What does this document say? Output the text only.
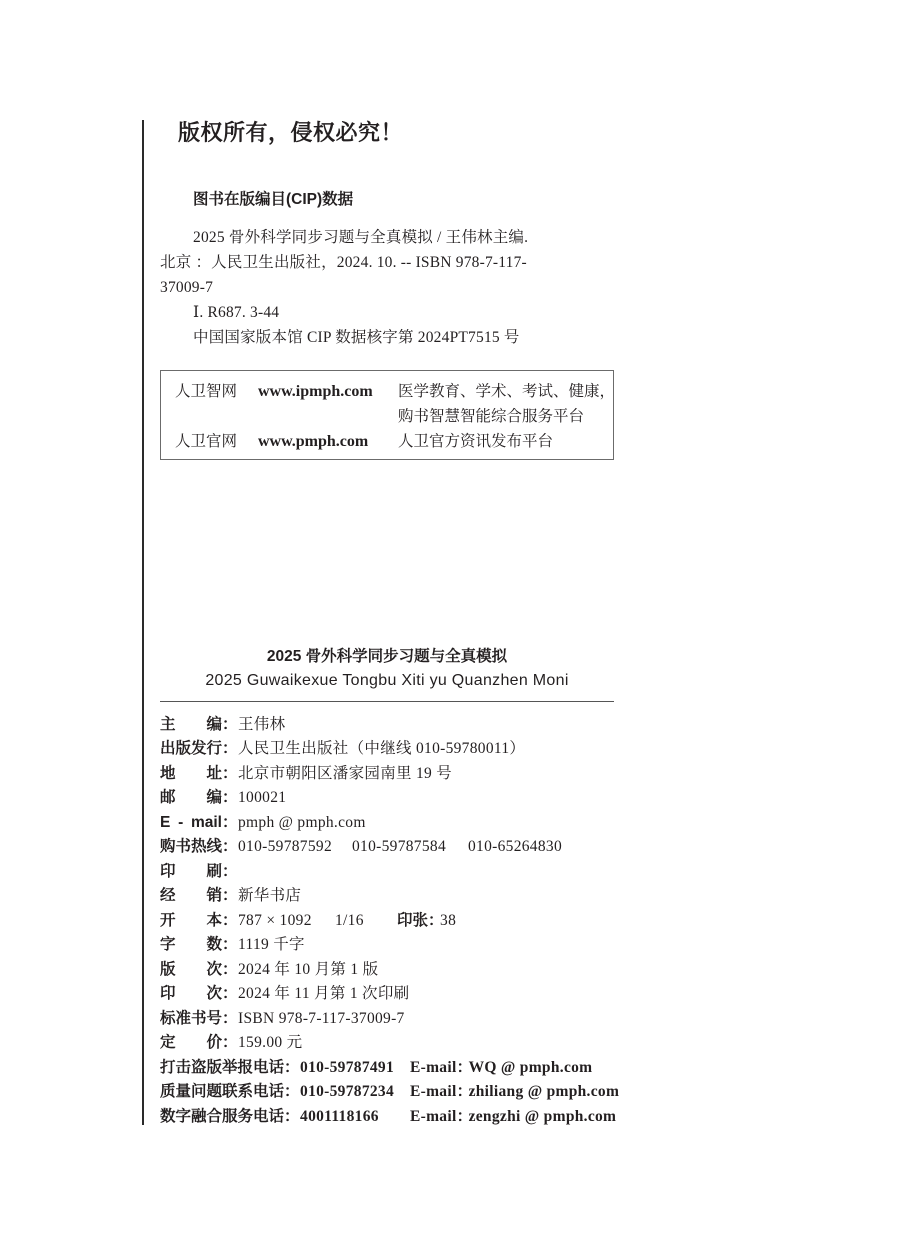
版权所有，侵权必究！
图书在版编目(CIP)数据
2025 骨外科学同步习题与全真模拟 / 王伟林主编.
北京 ：人民卫生出版社，2024. 10. -- ISBN 978-7-117-
37009-7
Ⅰ. R687. 3-44
中国国家版本馆 CIP 数据核字第 2024PT7515 号
人卫智网 www.ipmph.com 医学教育、学术、考试、健康，
购书智慧智能综合服务平台
人卫官网 www.pmph.com 人卫官方资讯发布平台
2025 骨外科学同步习题与全真模拟
2025 Guwaikexue Tongbu Xiti yu Quanzhen Moni
主 编：王伟林
出版发行：人民卫生出版社（中继线 010-59780011）
地 址：北京市朝阳区潘家园南里 19 号
邮 编：100021
E - mail：pmph @ pmph.com
购书热线：010-59787592 010-59787584 010-65264830
印 刷：
经 销：新华书店
开 本：787 × 1092 1/16 印张：38
字 数：1119 千字
版 次：2024 年 10 月第 1 版
印 次：2024 年 11 月第 1 次印刷
标准书号：ISBN 978-7-117-37009-7
定 价：159.00 元
打击盗版举报电话：010-59787491 E-mail：WQ @ pmph.com
质量问题联系电话：010-59787234 E-mail：zhiliang @ pmph.com
数字融合服务电话：4001118166 E-mail：zengzhi @ pmph.com
